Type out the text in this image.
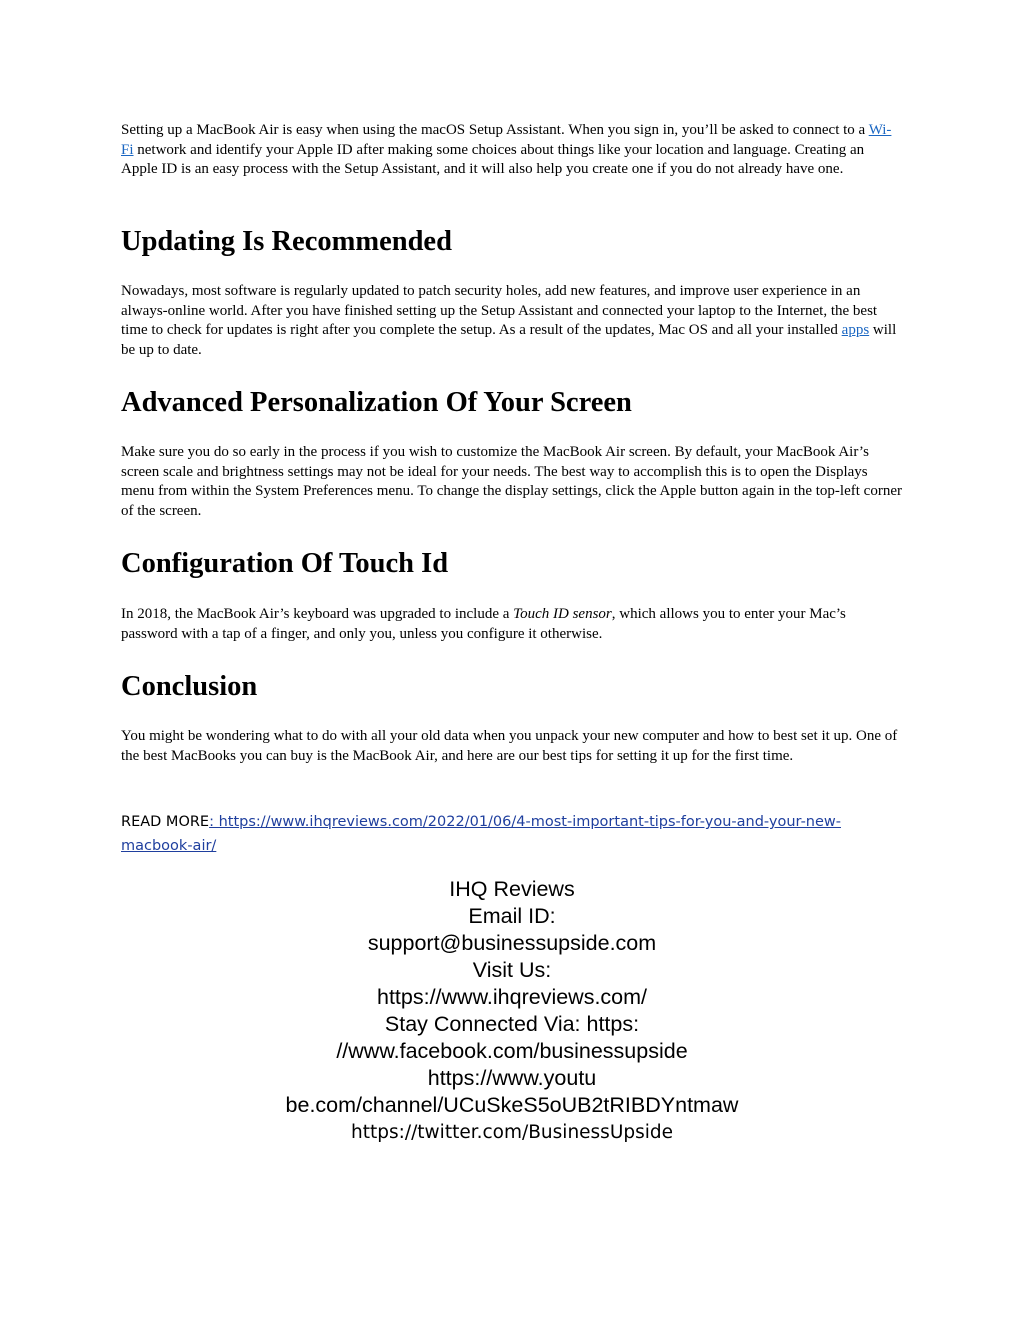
Setting up a MacBook Air is easy when using the macOS Setup Assistant. When you sign in, you’ll be asked to connect to a Wi-Fi network and identify your Apple ID after making some choices about things like your location and language. Creating an Apple ID is an easy process with the Setup Assistant, and it will also help you create one if you do not already have one.

Updating Is Recommended

Nowadays, most software is regularly updated to patch security holes, add new features, and improve user experience in an always-online world. After you have finished setting up the Setup Assistant and connected your laptop to the Internet, the best time to check for updates is right after you complete the setup. As a result of the updates, Mac OS and all your installed apps will be up to date.

Advanced Personalization Of Your Screen

Make sure you do so early in the process if you wish to customize the MacBook Air screen. By default, your MacBook Air’s screen scale and brightness settings may not be ideal for your needs. The best way to accomplish this is to open the Displays menu from within the System Preferences menu. To change the display settings, click the Apple button again in the top-left corner of the screen.

Configuration Of Touch Id

In 2018, the MacBook Air’s keyboard was upgraded to include a Touch ID sensor, which allows you to enter your Mac’s password with a tap of a finger, and only you, unless you configure it otherwise.

Conclusion

You might be wondering what to do with all your old data when you unpack your new computer and how to best set it up. One of the best MacBooks you can buy is the MacBook Air, and here are our best tips for setting it up for the first time.

READ MORE: https://www.ihqreviews.com/2022/01/06/4-most-important-tips-for-you-and-your-new-macbook-air/
IHQ Reviews
Email ID:
support@businessupside.com
Visit Us:
https://www.ihqreviews.com/
Stay Connected Via: https:
//www.facebook.com/businessupside
https://www.youtu
be.com/channel/UCuSkeS5oUB2tRIBDYntmaw
https://twitter.com/BusinessUpside
